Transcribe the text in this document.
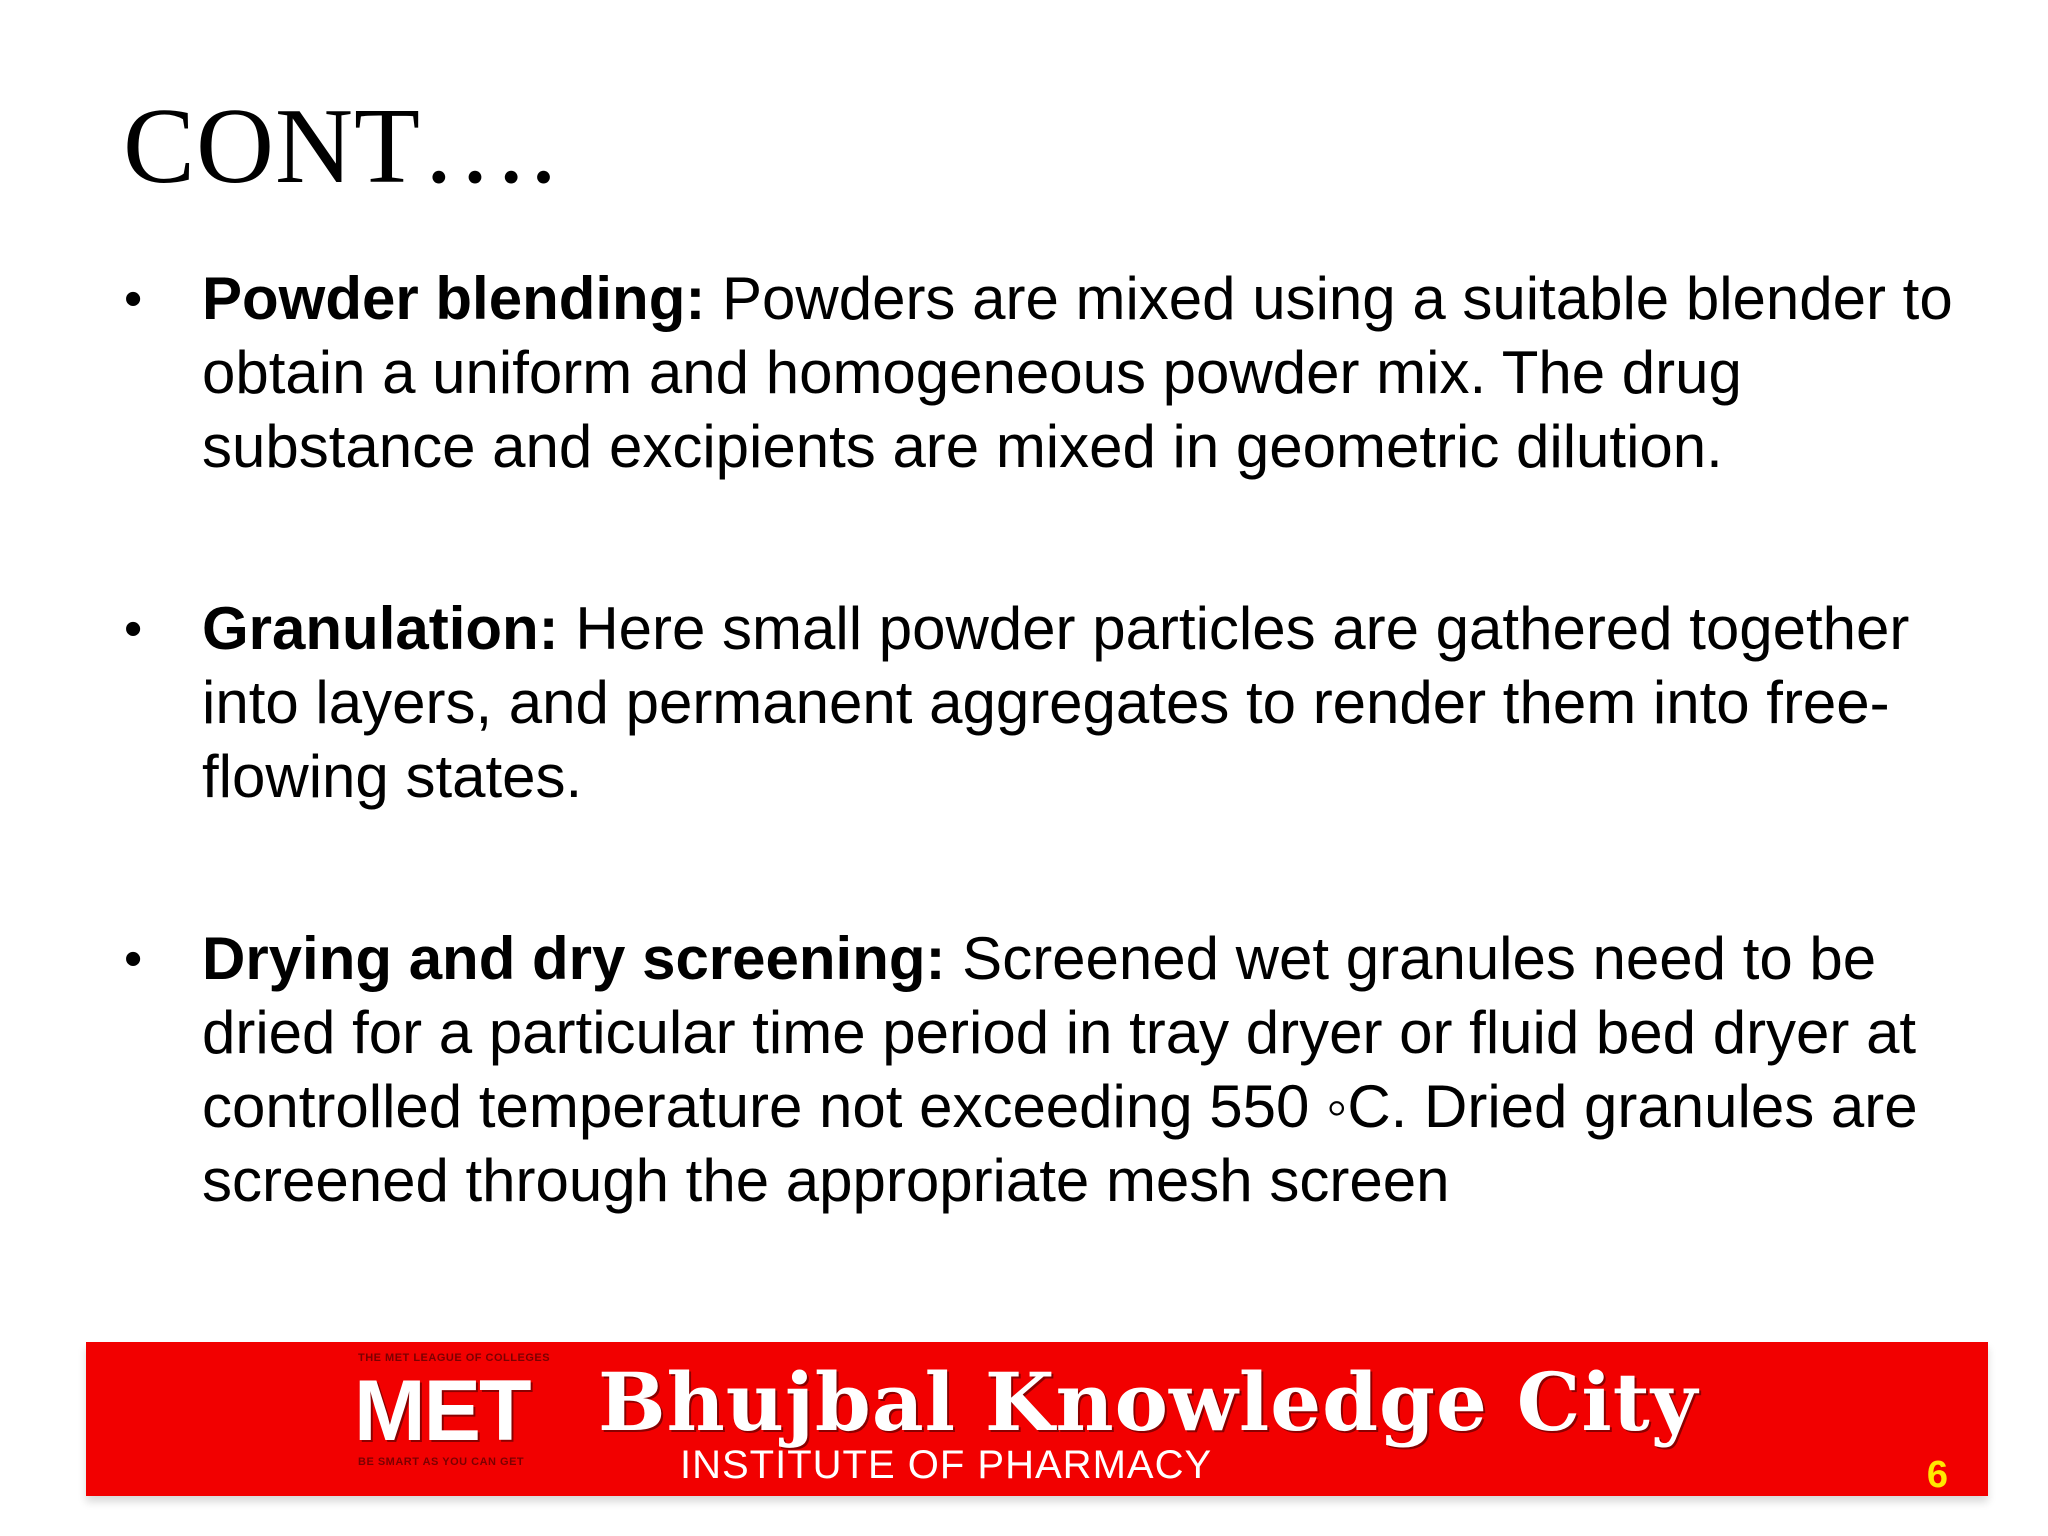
CONT….
• Powder blending: Powders are mixed using a suitable blender to obtain a uniform and homogeneous powder mix. The drug substance and excipients are mixed in geometric dilution.
• Granulation: Here small powder particles are gathered together into layers, and permanent aggregates to render them into free-flowing states.
• Drying and dry screening: Screened wet granules need to be dried for a particular time period in tray dryer or fluid bed dryer at controlled temperature not exceeding 550 ◦C. Dried granules are screened through the appropriate mesh screen
THE MET LEAGUE OF COLLEGES
MET
BE SMART AS YOU CAN GET
Bhujbal Knowledge City
INSTITUTE OF PHARMACY	6
